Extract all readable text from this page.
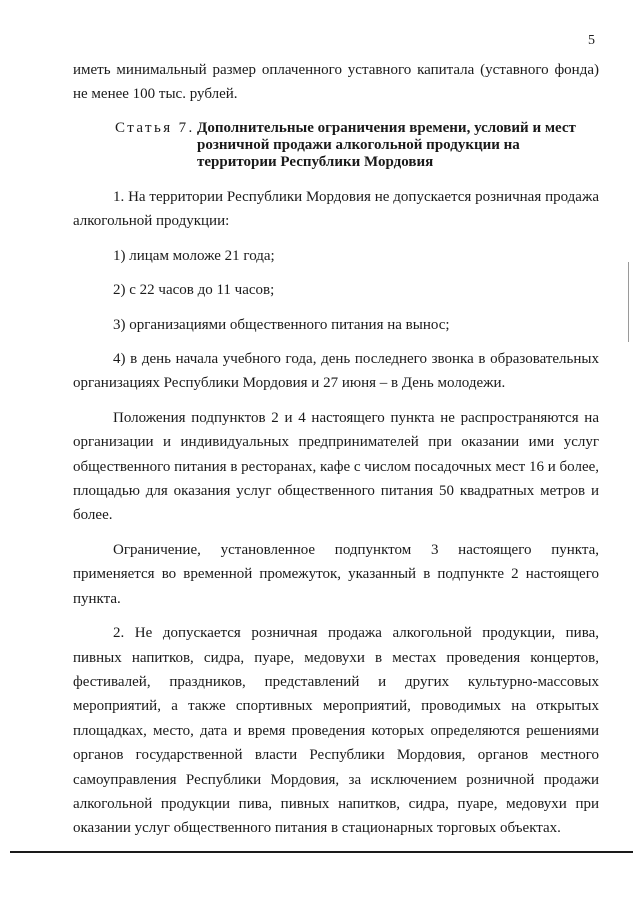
5

иметь минимальный размер оплаченного уставного капитала (уставного фонда) не менее 100 тыс. рублей.

Статья 7. Дополнительные ограничения времени, условий и мест розничной продажи алкогольной продукции на территории Республики Мордовия

1. На территории Республики Мордовия не допускается розничная продажа алкогольной продукции:

1) лицам моложе 21 года;

2) с 22 часов до 11 часов;

3) организациями общественного питания на вынос;

4) в день начала учебного года, день последнего звонка в образовательных организациях Республики Мордовия и 27 июня – в День молодежи.

Положения подпунктов 2 и 4 настоящего пункта не распространяются на организации и индивидуальных предпринимателей при оказании ими услуг общественного питания в ресторанах, кафе с числом посадочных мест 16 и более, площадью для оказания услуг общественного питания 50 квадратных метров и более.

Ограничение, установленное подпунктом 3 настоящего пункта, применяется во временной промежуток, указанный в подпункте 2 настоящего пункта.

2. Не допускается розничная продажа алкогольной продукции, пива, пивных напитков, сидра, пуаре, медовухи в местах проведения концертов, фестивалей, праздников, представлений и других культурно-массовых мероприятий, а также спортивных мероприятий, проводимых на открытых площадках, место, дата и время проведения которых определяются решениями органов государственной власти Республики Мордовия, органов местного самоуправления Республики Мордовия, за исключением розничной продажи алкогольной продукции пива, пивных напитков, сидра, пуаре, медовухи при оказании услуг общественного питания в стационарных торговых объектах.
